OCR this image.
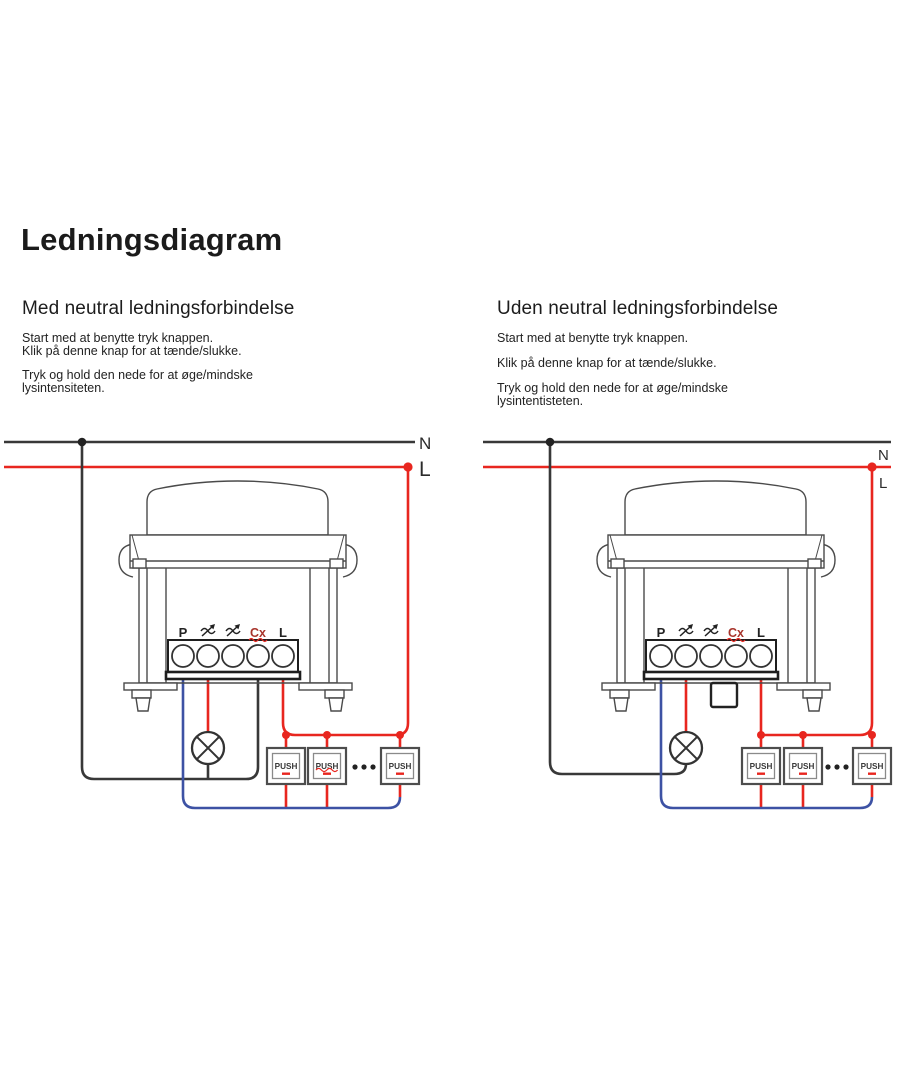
Ledningsdiagram
Med neutral ledningsforbindelse	Uden neutral ledningsforbindelse
Start med at benytte tryk knappen.
Klik på denne knap for at tænde/slukke.
Tryk og hold den nede for at øge/mindske
lysintensiteten.
Start med at benytte tryk knappen.
Klik på denne knap for at tænde/slukke.
Tryk og hold den nede for at øge/mindske
lysintentisteten.
N
L
P	Cx L
PUSH PUSH	PUSH
N
L
P	Cx L
PUSH PUSH	PUSH
